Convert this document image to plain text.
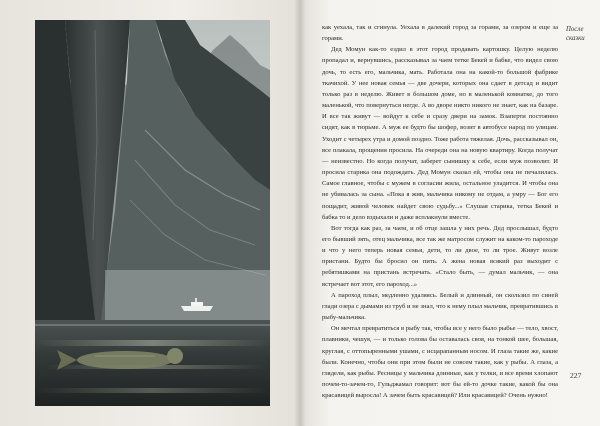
После
сказки

как уехала, так и сгинула. Уехала в далекий город за горами, за озером и еще за горами.

Дед Момун как-то ездил в этот город продавать картошку. Целую неделю пропадал и, вернувшись, рассказывал за чаем тетке Бекей и бабке, что видел свою дочь, то есть его, мальчика, мать. Работала она на какой-то большой фабрике ткачихой. У нее новая семья — две дочери, которых она сдает в детсад и видит только раз в неделю. Живет в большом доме, но в маленькой комнатке, до того маленькой, что повернуться негде. А во дворе никто никого не знает, как на базаре. И все так живут — войдут к себе и сразу двери на замок. Взаперти постоянно сидят, как в тюрьме. А муж ее будто бы шофер, возит в автобусе народ по улицам. Уходит с четырех утра и домой поздно. Тоже работа тяжелая. Дочь, рассказывал он, все плакала, прощения просила. На очереди она на новую квартиру. Когда получат — неизвестно. Но когда получат, заберет сынишку к себе, если муж позволит. И просила старика она подождать. Дед Момун сказал ей, чтобы она не печалилась. Самое главное, чтобы с мужем в согласии жила, остальное уладится. И чтобы она не убивалась за сына. «Пока я жив, мальчика никому не отдам, а умру — Бог его пощадит, живой человек найдет свою судьбу...» Слушая старика, тетка Бекей и бабка то и дело вздыхали и даже всплакнули вместе.

Вот тогда как раз, за чаем, и об отце зашла у них речь. Дед прослышал, будто его бывший зять, отец мальчика, все так же матросом служит на каком-то пароходе и что у него теперь новая семья, дети, то ли двое, то ли трое. Живут возле пристани. Будто бы бросил он пить. А жена новая всякий раз выходит с ребятишками на пристань встречать. «Стало быть, — думал мальчик, — она встречает вот этот, его пароход...»

А пароход плыл, медленно удаляясь. Белый и длинный, он скользил по синей глади озера с дымами из труб и не знал, что к нему плыл мальчик, превратившись в рыбу-мальчика.

Он мечтал превратиться в рыбу так, чтобы все у него было рыбье — тело, хвост, плавники, чешуя, — и только голова бы оставалась своя, на тонкой шее, большая, круглая, с оттопыренными ушами, с исцарапанным носом. И глаза такие же, какие были. Конечно, чтобы они при этом были не совсем такие, как у рыбы. А глаза, а глядели, как рыбы. Ресницы у мальчика длинные, как у телки, и все время хлопают почем-то-зачем-то, Гульджамал говорит: вот бы ей-то дочке такие, какой бы она красавицей выросла! А зачем быть красавицей? Или красавицей? Очень нужно!

227
